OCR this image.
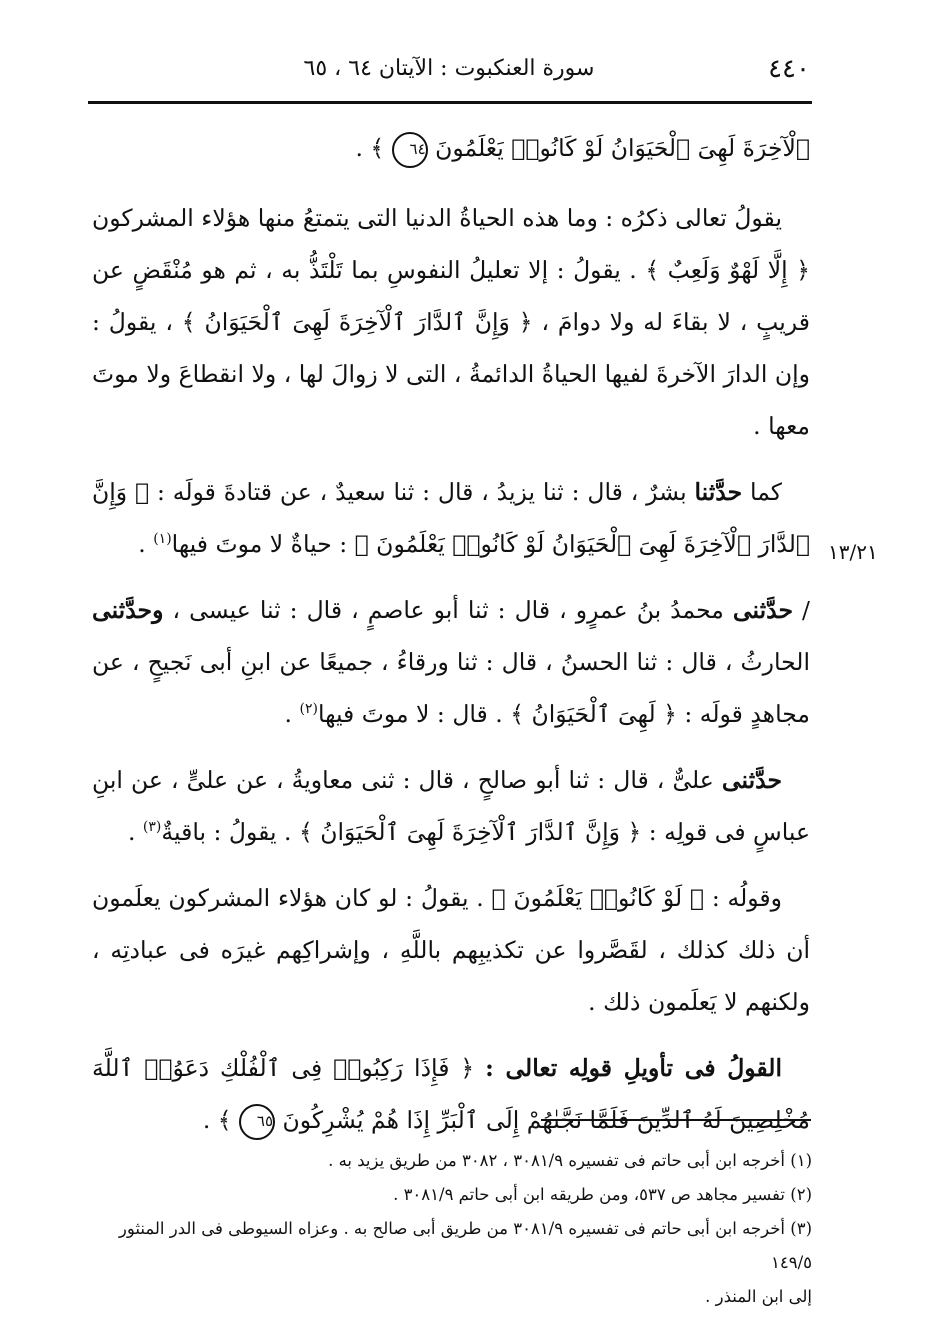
٤٤٠
سورة العنكبوت : الآيتان ٦٤ ، ٦٥
١٣/٢١

ٱلْآخِرَةَ لَهِىَ ٱلْحَيَوَانُ لَوْ كَانُوا۟ يَعْلَمُونَ ٦٤ ﴾ .

يقولُ تعالى ذكرُه : وما هذه الحياةُ الدنيا التى يتمتعُ منها هؤلاء المشركون ﴿ إِلَّا لَهْوٌ وَلَعِبٌ ﴾ . يقولُ : إلا تعليلُ النفوسِ بما تَلْتَذُّ به ، ثم هو مُنْقَضٍ عن قريبٍ ، لا بقاءَ له ولا دوامَ ، ﴿ وَإِنَّ ٱلدَّارَ ٱلْآخِرَةَ لَهِىَ ٱلْحَيَوَانُ ﴾ ، يقولُ : وإن الدارَ الآخرةَ لفيها الحياةُ الدائمةُ ، التى لا زوالَ لها ، ولا انقطاعَ ولا موتَ معها .

كما حدَّثنا بشرٌ ، قال : ثنا يزيدُ ، قال : ثنا سعيدٌ ، عن قتادةَ قولَه : ﴿ وَإِنَّ ٱلدَّارَ ٱلْآخِرَةَ لَهِىَ ٱلْحَيَوَانُ لَوْ كَانُوا۟ يَعْلَمُونَ ﴾ : حياةٌ لا موتَ فيها$^{(١)}$ .

/ حدَّثنى محمدُ بنُ عمرٍو ، قال : ثنا أبو عاصمٍ ، قال : ثنا عيسى ، وحدَّثنى الحارثُ ، قال : ثنا الحسنُ ، قال : ثنا ورقاءُ ، جميعًا عن ابنِ أبى نَجيحٍ ، عن مجاهدٍ قولَه : ﴿ لَهِىَ ٱلْحَيَوَانُ ﴾ . قال : لا موتَ فيها$^{(٢)}$ .

حدَّثنى علىٌّ ، قال : ثنا أبو صالحٍ ، قال : ثنى معاويةُ ، عن علىٍّ ، عن ابنِ عباسٍ فى قولِه : ﴿ وَإِنَّ ٱلدَّارَ ٱلْآخِرَةَ لَهِىَ ٱلْحَيَوَانُ ﴾ . يقولُ : باقيةٌ$^{(٣)}$ .

وقولُه : ﴿ لَوْ كَانُوا۟ يَعْلَمُونَ ﴾ . يقولُ : لو كان هؤلاء المشركون يعلَمون أن ذلك كذلك ، لقَصَّروا عن تكذيبِهم باللَّهِ ، وإشراكِهم غيرَه فى عبادتِه ، ولكنهم لا يَعلَمون ذلك .

القولُ فى تأويلِ قولِه تعالى : ﴿ فَإِذَا رَكِبُوا۟ فِى ٱلْفُلْكِ دَعَوُا۟ ٱللَّهَ مُخْلِصِينَ لَهُ ٱلدِّينَ فَلَمَّا نَجَّىٰهُمْ إِلَى ٱلْبَرِّ إِذَا هُمْ يُشْرِكُونَ ٦٥ ﴾ .

(١) أخرجه ابن أبى حاتم فى تفسيره ٣٠٨١/٩ ، ٣٠٨٢ من طريق يزيد به .

(٢) تفسير مجاهد ص ٥٣٧، ومن طريقه ابن أبى حاتم ٣٠٨١/٩ .

(٣) أخرجه ابن أبى حاتم فى تفسيره ٣٠٨١/٩ من طريق أبى صالح به . وعزاه السيوطى فى الدر المنثور ١٤٩/٥

إلى ابن المنذر .
